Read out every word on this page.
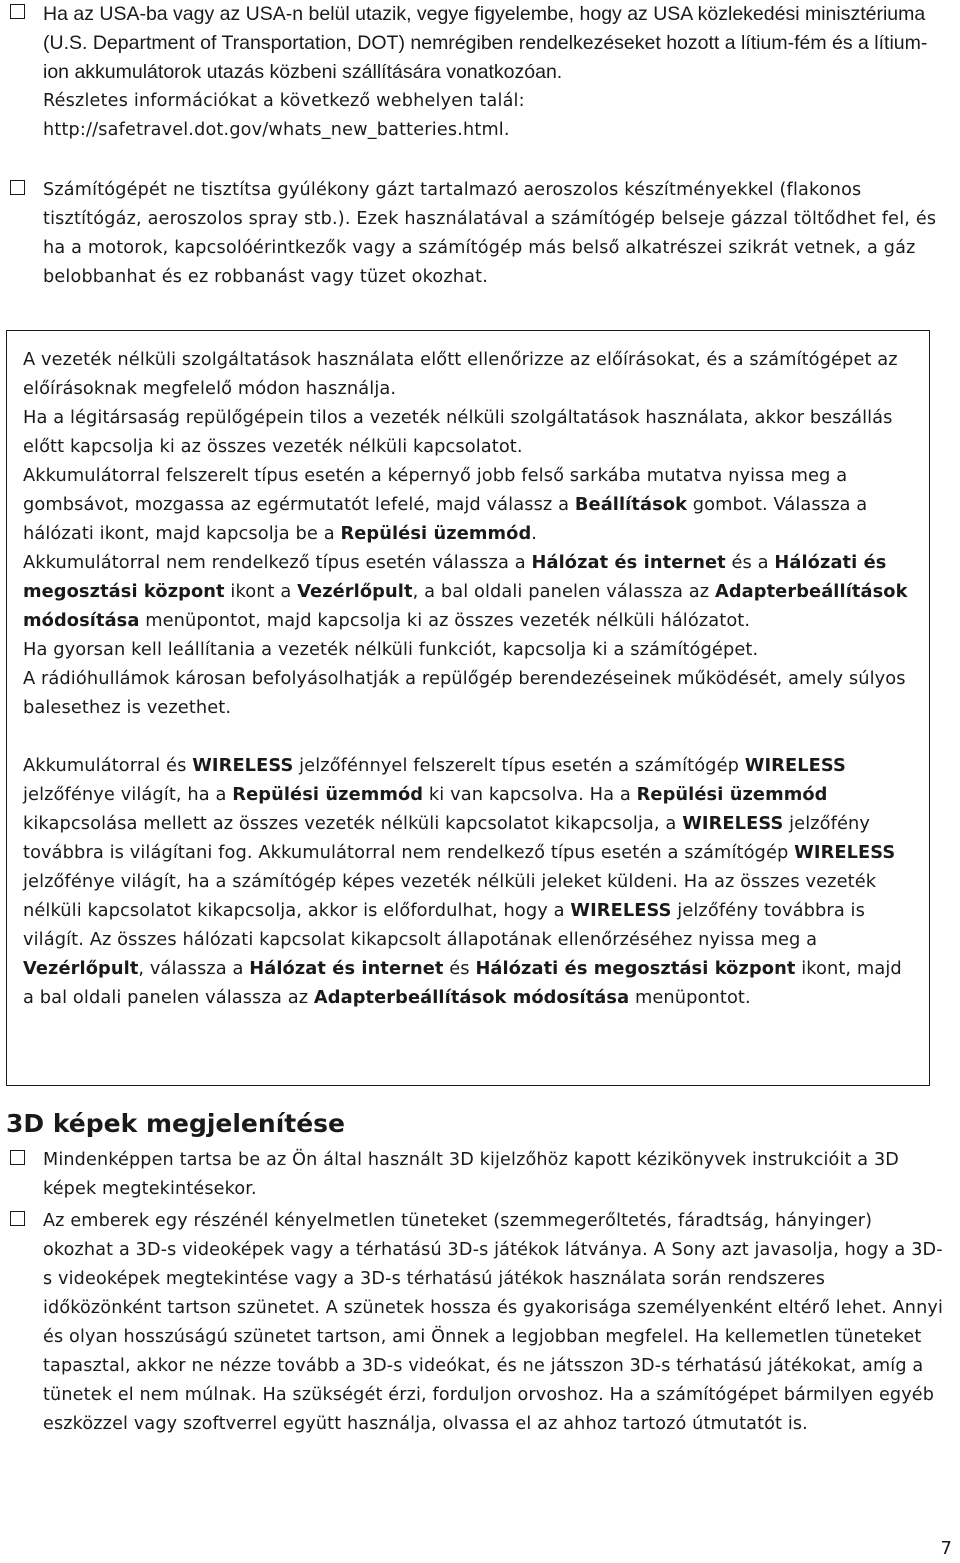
Ha az USA-ba vagy az USA-n belül utazik, vegye figyelembe, hogy az USA közlekedési minisztériuma (U.S. Department of Transportation, DOT) nemrégiben rendelkezéseket hozott a lítium-fém és a lítium-ion akkumulátorok utazás közbeni szállítására vonatkozóan.
Részletes információkat a következő webhelyen talál: http://safetravel.dot.gov/whats_new_batteries.html.
Számítógépét ne tisztítsa gyúlékony gázt tartalmazó aeroszolos készítményekkel (flakonos tisztítógáz, aeroszolos spray stb.). Ezek használatával a számítógép belseje gázzal töltődhet fel, és ha a motorok, kapcsolóérintkezők vagy a számítógép más belső alkatrészei szikrát vetnek, a gáz belobbanhat és ez robbanást vagy tüzet okozhat.

A vezeték nélküli szolgáltatások használata előtt ellenőrizze az előírásokat, és a számítógépet az előírásoknak megfelelő módon használja.

Ha a légitársaság repülőgépein tilos a vezeték nélküli szolgáltatások használata, akkor beszállás előtt kapcsolja ki az összes vezeték nélküli kapcsolatot.

Akkumulátorral felszerelt típus esetén a képernyő jobb felső sarkába mutatva nyissa meg a gombsávot, mozgassa az egérmutatót lefelé, majd válassz a Beállítások gombot. Válassza a hálózati ikont, majd kapcsolja be a Repülési üzemmód.

Akkumulátorral nem rendelkező típus esetén válassza a Hálózat és internet és a Hálózati és megosztási központ ikont a Vezérlőpult, a bal oldali panelen válassza az Adapterbeállítások módosítása menüpontot, majd kapcsolja ki az összes vezeték nélküli hálózatot.

Ha gyorsan kell leállítania a vezeték nélküli funkciót, kapcsolja ki a számítógépet.

A rádióhullámok károsan befolyásolhatják a repülőgép berendezéseinek működését, amely súlyos balesethez is vezethet.

Akkumulátorral és WIRELESS jelzőfénnyel felszerelt típus esetén a számítógép WIRELESS jelzőfénye világít, ha a Repülési üzemmód ki van kapcsolva. Ha a Repülési üzemmód kikapcsolása mellett az összes vezeték nélküli kapcsolatot kikapcsolja, a WIRELESS jelzőfény továbbra is világítani fog. Akkumulátorral nem rendelkező típus esetén a számítógép WIRELESS jelzőfénye világít, ha a számítógép képes vezeték nélküli jeleket küldeni. Ha az összes vezeték nélküli kapcsolatot kikapcsolja, akkor is előfordulhat, hogy a WIRELESS jelzőfény továbbra is világít. Az összes hálózati kapcsolat kikapcsolt állapotának ellenőrzéséhez nyissa meg a Vezérlőpult, válassza a Hálózat és internet és Hálózati és megosztási központ ikont, majd a bal oldali panelen válassza az Adapterbeállítások módosítása menüpontot.

3D képek megjelenítése
Mindenképpen tartsa be az Ön által használt 3D kijelzőhöz kapott kézikönyvek instrukcióit a 3D képek megtekintésekor.
Az emberek egy részénél kényelmetlen tüneteket (szemmegerőltetés, fáradtság, hányinger) okozhat a 3D-s videoképek vagy a térhatású 3D-s játékok látványa. A Sony azt javasolja, hogy a 3D-s videoképek megtekintése vagy a 3D-s térhatású játékok használata során rendszeres időközönként tartson szünetet. A szünetek hossza és gyakorisága személyenként eltérő lehet. Annyi és olyan hosszúságú szünetet tartson, ami Önnek a legjobban megfelel. Ha kellemetlen tüneteket tapasztal, akkor ne nézze tovább a 3D-s videókat, és ne játsszon 3D-s térhatású játékokat, amíg a tünetek el nem múlnak. Ha szükségét érzi, forduljon orvoshoz. Ha a számítógépet bármilyen egyéb eszközzel vagy szoftverrel együtt használja, olvassa el az ahhoz tartozó útmutatót is.
7
